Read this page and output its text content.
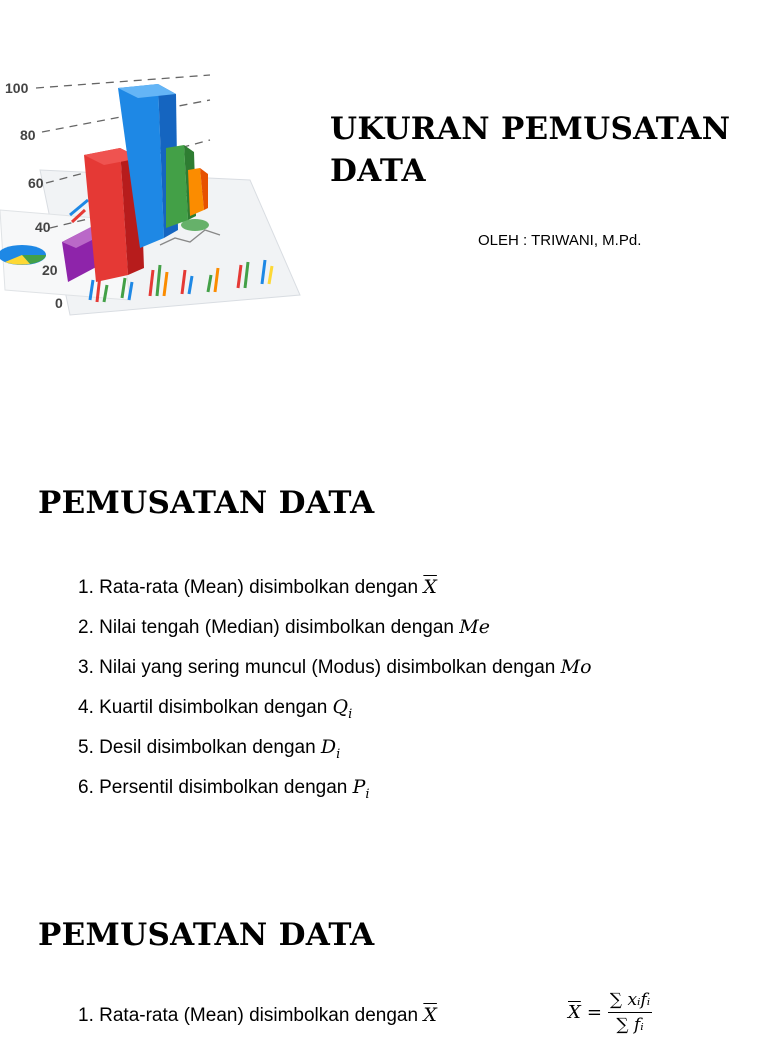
100
80
60
40
20
0
UKURAN PEMUSATAN
DATA
OLEH : TRIWANI, M.Pd.
PEMUSATAN DATA
1. Rata-rata (Mean) disimbolkan dengan $\overline{X}$
2. Nilai tengah (Median) disimbolkan dengan Me
3. Nilai yang sering muncul (Modus) disimbolkan dengan Mo
4. Kuartil disimbolkan dengan $Q_i$
5. Desil disimbolkan dengan $D_i$
6. Persentil disimbolkan dengan $P_i$
PEMUSATAN DATA
1. Rata-rata (Mean) disimbolkan dengan $\overline{X}$	$\overline{X} = \frac{\text{∑ xᵢfᵢ}}{\text{∑ fᵢ}}$
